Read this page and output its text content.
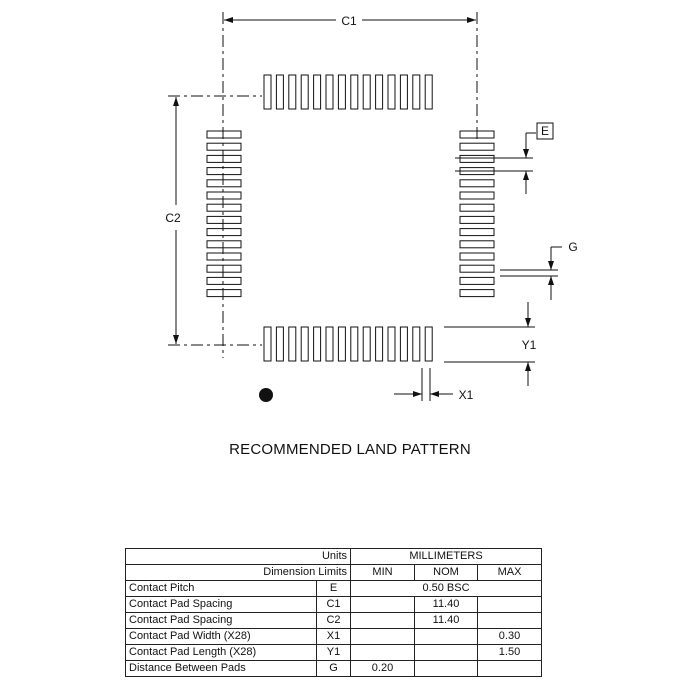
C1
C2
E
G
Y1
X1
RECOMMENDED LAND PATTERN
Units		MILLIMETERS		
Dimension Limits		MIN	NOM	MAX
Contact Pitch	E	0.50 BSC		
Contact Pad Spacing	C1		11.40	
Contact Pad Spacing	C2		11.40	
Contact Pad Width (X28)	X1			0.30
Contact Pad Length (X28)	Y1			1.50
Distance Between Pads	G	0.20		
